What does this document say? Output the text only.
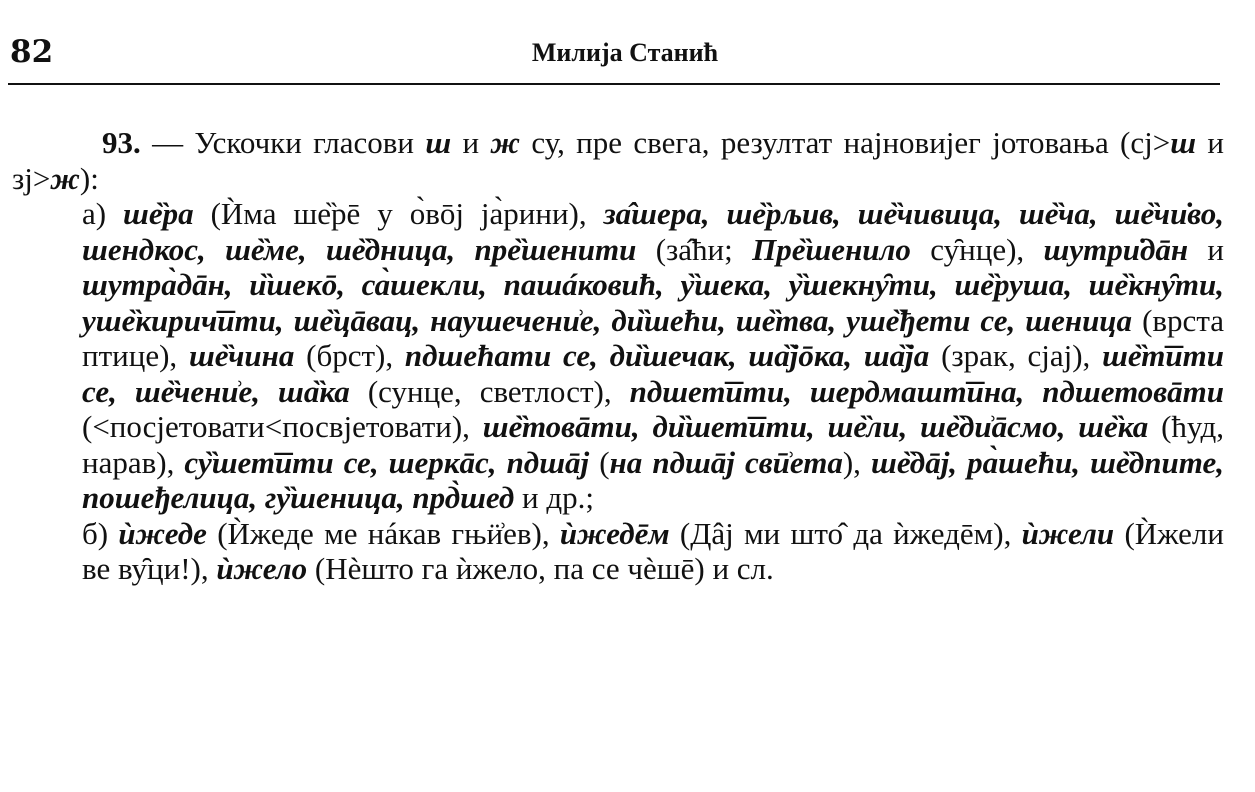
82	Милија Станић

93. — Ускочки гласови ш и ж су, пре свега, резултат најновијег јотовања (сј>ш и зј>ж):

а) ше̏ра (Ѝма ше̏рē у о̀вōј ја̀рини), за̂шера, ше̏рљив, ше̏чивица, ше̏ча, ше̏чи̇во, шендкос, ше̏ме, ше̏дница, пре̏шенити (за̂ћи; Пре̏шенило су̑нце), шутри̇дāн и шутра̀дāн, и̏шекō, са̀шекли, пашáковић, у̏шека, у̏шекну̑ти, ше̏руша, ше̏кну̑ти, уше̏кирич͞ити, ше̏цāвац, наушечени͗е, ди̏шећи, ше̏тва, уше̏ђети се, шеница (врста птице), ше̏чина (брст), пдшећати се, ди̏шечак, ша̏јōка, ша̏ја (зрак, сјај), ше̏т͞ити се, ше̏чени͗е, ша̏ка (сунце, светлост), пдшет͞ити, шердмашт͞ина, пдшетовāти (<посјетовати<посвјетовати), ше̏товāти, ди̏шет͞ити, ше̏ли, ше̏ди͗āсмо, ше̏ка (ћуд, нарав), су̏шет͞ити се, шеркāс, пдшāј (на пдшāј свӣ͗ета), ше̏дāј, ра̀шећи, ше̏дпите, пошеђелица, гу̏шеница, прд̀шед и др.;

б) ѝжеде (Ѝжеде ме нáкав гњӥ͗ев), ѝжедēм (Дâј ми што̂ да ѝжедēм), ѝжели (Ѝжели ве ву̑ци!), ѝжело (Нѐшто га ѝжело, па се чѐшē) и сл.
